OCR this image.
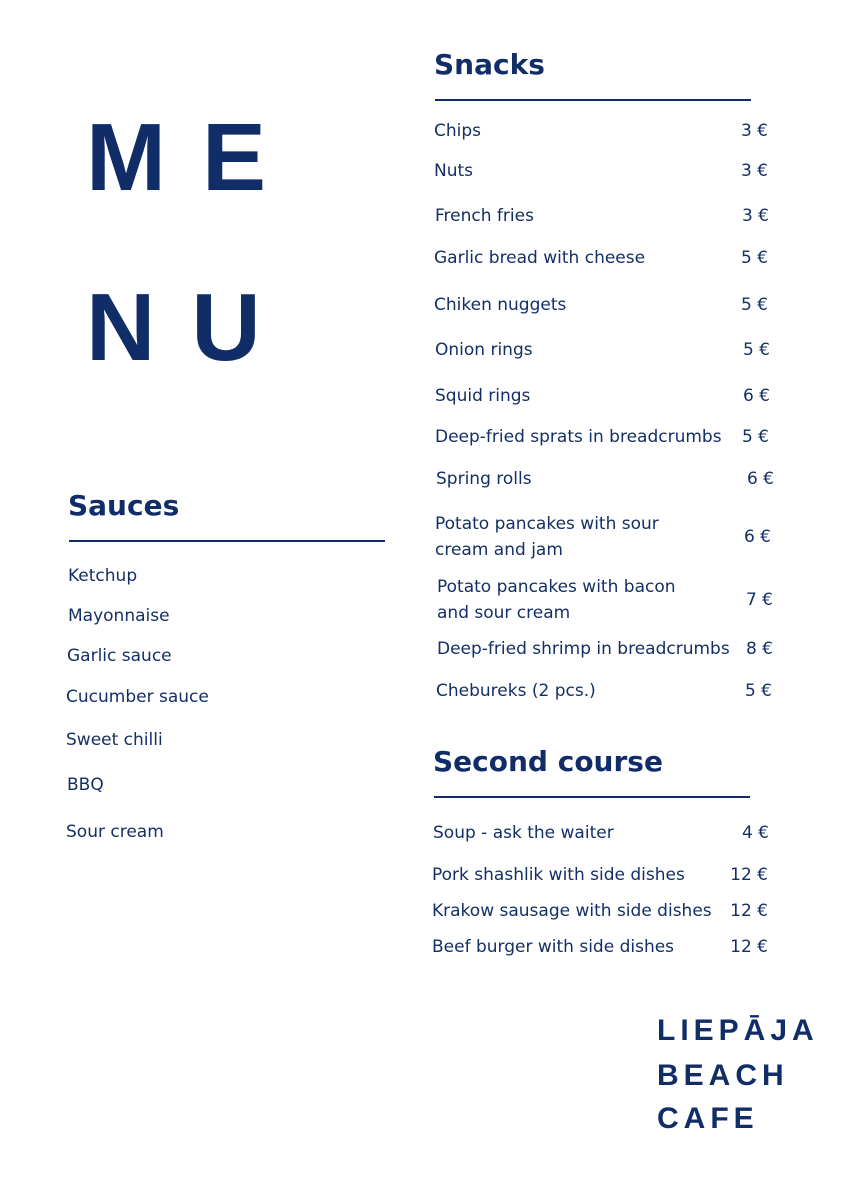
ME
NU
Sauces
Ketchup
Mayonnaise
Garlic sauce
Cucumber sauce
Sweet chilli
BBQ
Sour cream
Snacks
Chips	3 €
Nuts	3 €
French fries	3 €
Garlic bread with cheese	5 €
Chiken nuggets	5 €
Onion rings	5 €
Squid rings	6 €
Deep-fried sprats in breadcrumbs 5 €
Spring rolls	6 €
Potato pancakes with sour
cream and jam
6 €
Potato pancakes with bacon
and sour cream
7 €
Deep-fried shrimp in breadcrumbs 8 €
Chebureks (2 pcs.)	5 €
Second course
Soup - ask the waiter	4 €
Pork shashlik with side dishes	12 €
Krakow sausage with side dishes 12 €
Beef burger with side dishes	12 €
LIEPĀJA
BEACH
CAFE
